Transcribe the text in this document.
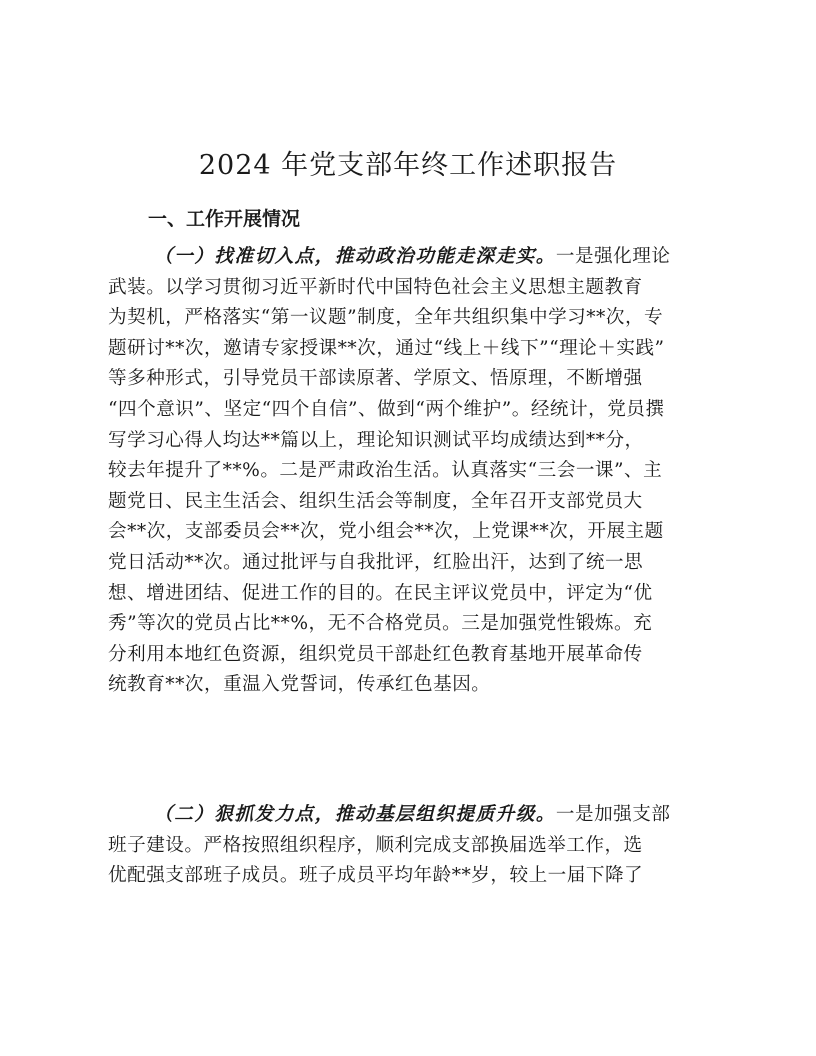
2024 年党支部年终工作述职报告
一、工作开展情况
（一）找准切入点，推动政治功能走深走实。一是强化理论
武装。以学习贯彻习近平新时代中国特色社会主义思想主题教育
为契机，严格落实“第一议题”制度，全年共组织集中学习**次，专
题研讨**次，邀请专家授课**次，通过“线上＋线下”“理论＋实践”
等多种形式，引导党员干部读原著、学原文、悟原理，不断增强
“四个意识”、坚定“四个自信”、做到“两个维护”。经统计，党员撰
写学习心得人均达**篇以上，理论知识测试平均成绩达到**分，
较去年提升了**%。二是严肃政治生活。认真落实“三会一课”、主
题党日、民主生活会、组织生活会等制度，全年召开支部党员大
会**次，支部委员会**次，党小组会**次，上党课**次，开展主题
党日活动**次。通过批评与自我批评，红脸出汗，达到了统一思
想、增进团结、促进工作的目的。在民主评议党员中，评定为“优
秀”等次的党员占比**%，无不合格党员。三是加强党性锻炼。充
分利用本地红色资源，组织党员干部赴红色教育基地开展革命传
统教育**次，重温入党誓词，传承红色基因。
（二）狠抓发力点，推动基层组织提质升级。一是加强支部
班子建设。严格按照组织程序，顺利完成支部换届选举工作，选
优配强支部班子成员。班子成员平均年龄**岁，较上一届下降了
